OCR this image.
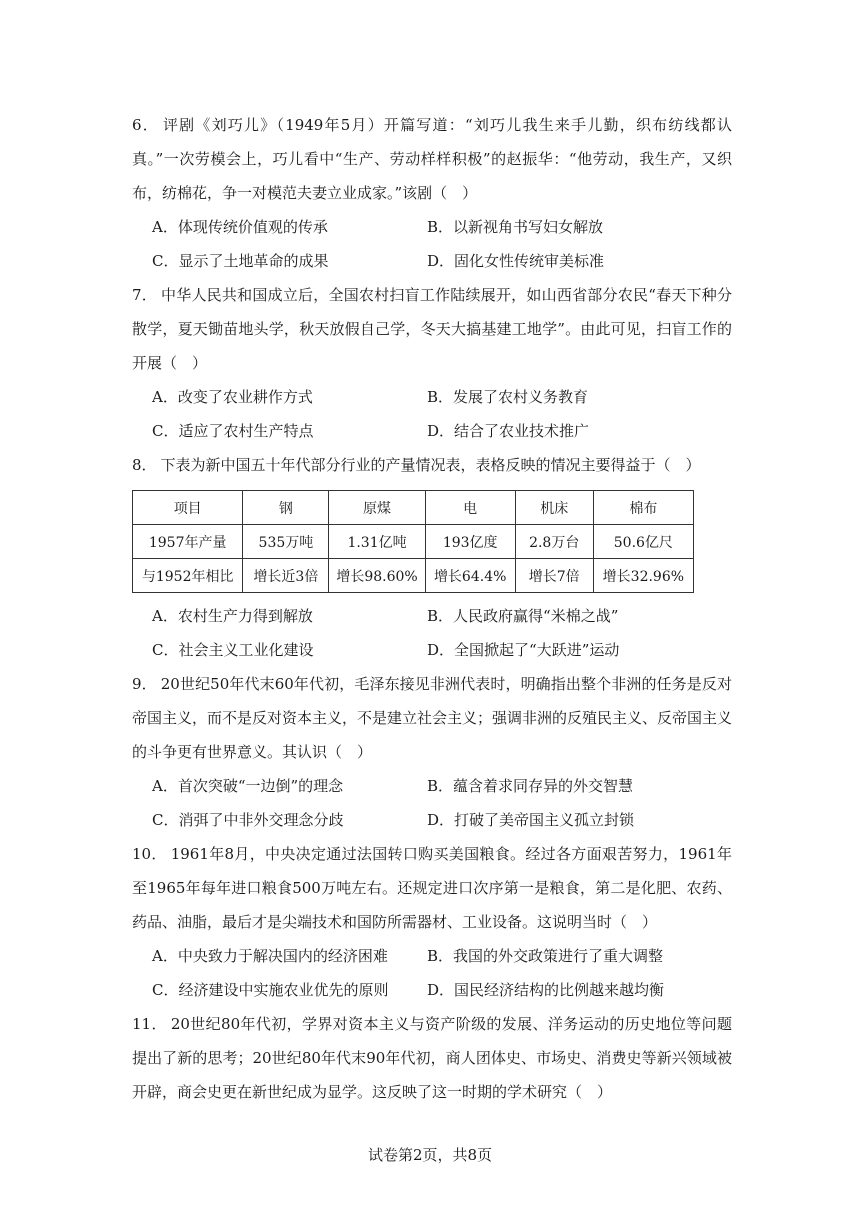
6． 评剧《刘巧儿》（1949年5月）开篇写道：“刘巧儿我生来手儿勤，织布纺线都认真。”一次劳模会上，巧儿看中“生产、劳动样样积极”的赵振华：“他劳动，我生产，又织布，纺棉花，争一对模范夫妻立业成家。”该剧（　）

A．体现传统价值观的传承	B．以新视角书写妇女解放
C．显示了土地革命的成果	D．固化女性传统审美标准

7． 中华人民共和国成立后，全国农村扫盲工作陆续展开，如山西省部分农民“春天下种分散学，夏天锄苗地头学，秋天放假自己学，冬天大搞基建工地学”。由此可见，扫盲工作的开展（　）

A．改变了农业耕作方式	B．发展了农村义务教育
C．适应了农村生产特点	D．结合了农业技术推广

8． 下表为新中国五十年代部分行业的产量情况表，表格反映的情况主要得益于（　）

项目	钢	原煤	电	机床	棉布
1957年产量	535万吨	1.31亿吨	193亿度	2.8万台	50.6亿尺
与1952年相比	增长近3倍	增长98.60%	增长64.4%	增长7倍	增长32.96%
A．农村生产力得到解放	B．人民政府赢得“米棉之战”
C．社会主义工业化建设	D．全国掀起了“大跃进”运动

9． 20世纪50年代末60年代初，毛泽东接见非洲代表时，明确指出整个非洲的任务是反对帝国主义，而不是反对资本主义，不是建立社会主义；强调非洲的反殖民主义、反帝国主义的斗争更有世界意义。其认识（　）

A．首次突破“一边倒”的理念	B．蕴含着求同存异的外交智慧
C．消弭了中非外交理念分歧	D．打破了美帝国主义孤立封锁

10． 1961年8月，中央决定通过法国转口购买美国粮食。经过各方面艰苦努力，1961年至1965年每年进口粮食500万吨左右。还规定进口次序第一是粮食，第二是化肥、农药、药品、油脂，最后才是尖端技术和国防所需器材、工业设备。这说明当时（　）

A．中央致力于解决国内的经济困难	B．我国的外交政策进行了重大调整
C．经济建设中实施农业优先的原则	D．国民经济结构的比例越来越均衡

11． 20世纪80年代初，学界对资本主义与资产阶级的发展、洋务运动的历史地位等问题提出了新的思考；20世纪80年代末90年代初，商人团体史、市场史、消费史等新兴领域被开辟，商会史更在新世纪成为显学。这反映了这一时期的学术研究（　）

试卷第2页，共8页
